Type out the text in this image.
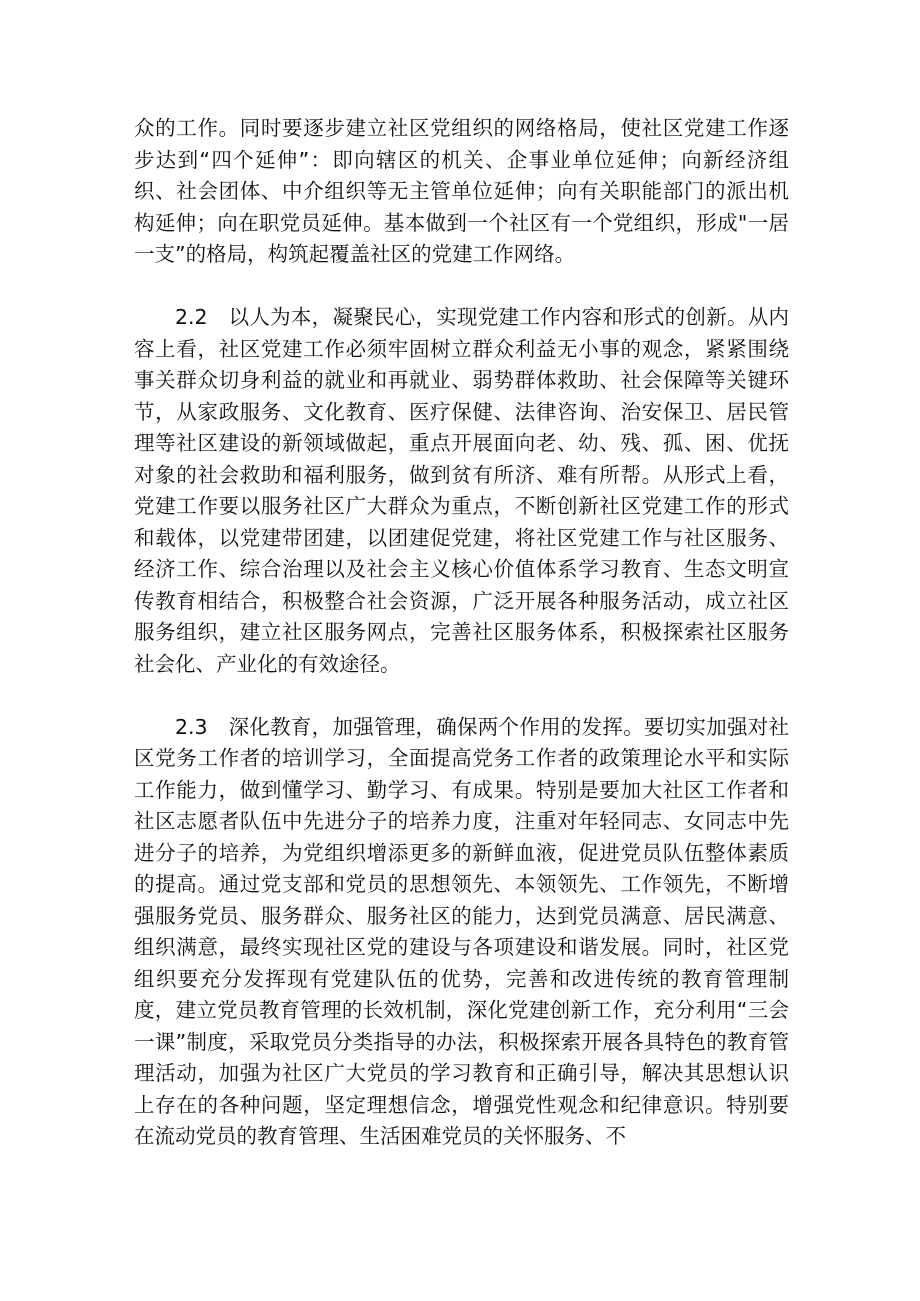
众的工作。同时要逐步建立社区党组织的网络格局，使社区党建工作逐步达到“四个延伸”：即向辖区的机关、企事业单位延伸；向新经济组织、社会团体、中介组织等无主管单位延伸；向有关职能部门的派出机构延伸；向在职党员延伸。基本做到一个社区有一个党组织，形成"一居一支”的格局，构筑起覆盖社区的党建工作网络。

2.2　以人为本，凝聚民心，实现党建工作内容和形式的创新。从内容上看，社区党建工作必须牢固树立群众利益无小事的观念，紧紧围绕事关群众切身利益的就业和再就业、弱势群体救助、社会保障等关键环节，从家政服务、文化教育、医疗保健、法律咨询、治安保卫、居民管理等社区建设的新领域做起，重点开展面向老、幼、残、孤、困、优抚对象的社会救助和福利服务，做到贫有所济、难有所帮。从形式上看，党建工作要以服务社区广大群众为重点，不断创新社区党建工作的形式和载体，以党建带团建，以团建促党建，将社区党建工作与社区服务、经济工作、综合治理以及社会主义核心价值体系学习教育、生态文明宣传教育相结合，积极整合社会资源，广泛开展各种服务活动，成立社区服务组织，建立社区服务网点，完善社区服务体系，积极探索社区服务社会化、产业化的有效途径。

2.3　深化教育，加强管理，确保两个作用的发挥。要切实加强对社区党务工作者的培训学习，全面提高党务工作者的政策理论水平和实际工作能力，做到懂学习、勤学习、有成果。特别是要加大社区工作者和社区志愿者队伍中先进分子的培养力度，注重对年轻同志、女同志中先进分子的培养，为党组织增添更多的新鲜血液，促进党员队伍整体素质的提高。通过党支部和党员的思想领先、本领领先、工作领先，不断增强服务党员、服务群众、服务社区的能力，达到党员满意、居民满意、组织满意，最终实现社区党的建设与各项建设和谐发展。同时，社区党组织要充分发挥现有党建队伍的优势，完善和改进传统的教育管理制度，建立党员教育管理的长效机制，深化党建创新工作，充分利用“三会一课”制度，采取党员分类指导的办法，积极探索开展各具特色的教育管理活动，加强为社区广大党员的学习教育和正确引导，解决其思想认识上存在的各种问题，坚定理想信念，增强党性观念和纪律意识。特别要在流动党员的教育管理、生活困难党员的关怀服务、不
